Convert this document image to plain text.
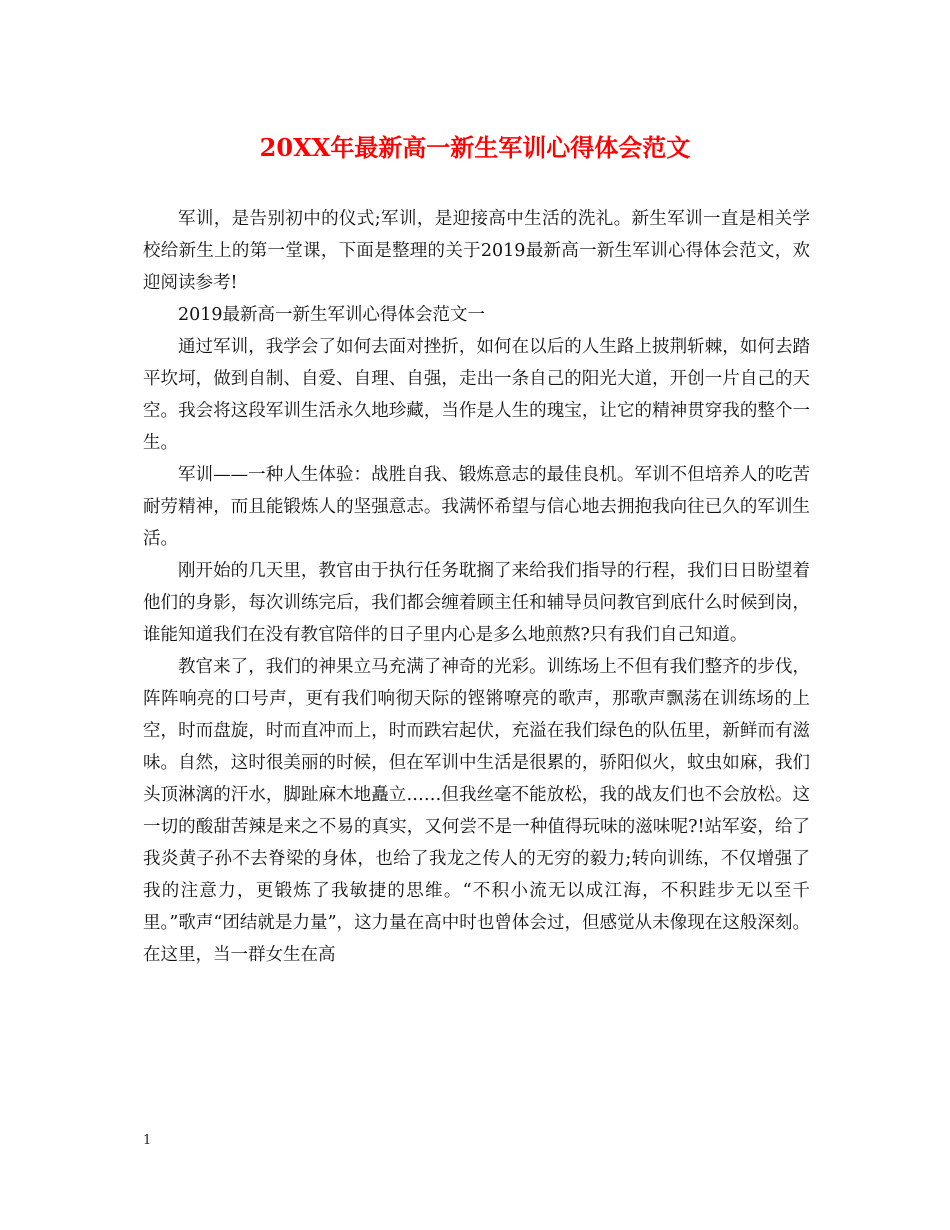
20XX年最新高一新生军训心得体会范文

军训，是告别初中的仪式;军训，是迎接高中生活的洗礼。新生军训一直是相关学校给新生上的第一堂课，下面是整理的关于2019最新高一新生军训心得体会范文，欢迎阅读参考!

2019最新高一新生军训心得体会范文一

通过军训，我学会了如何去面对挫折，如何在以后的人生路上披荆斩棘，如何去踏平坎坷，做到自制、自爱、自理、自强，走出一条自己的阳光大道，开创一片自己的天空。我会将这段军训生活永久地珍藏，当作是人生的瑰宝，让它的精神贯穿我的整个一生。

军训——一种人生体验：战胜自我、锻炼意志的最佳良机。军训不但培养人的吃苦耐劳精神，而且能锻炼人的坚强意志。我满怀希望与信心地去拥抱我向往已久的军训生活。

刚开始的几天里，教官由于执行任务耽搁了来给我们指导的行程，我们日日盼望着他们的身影，每次训练完后，我们都会缠着顾主任和辅导员问教官到底什么时候到岗，谁能知道我们在没有教官陪伴的日子里内心是多么地煎熬?只有我们自己知道。

教官来了，我们的神果立马充满了神奇的光彩。训练场上不但有我们整齐的步伐，阵阵响亮的口号声，更有我们响彻天际的铿锵嘹亮的歌声，那歌声飘荡在训练场的上空，时而盘旋，时而直冲而上，时而跌宕起伏，充溢在我们绿色的队伍里，新鲜而有滋味。自然，这时很美丽的时候，但在军训中生活是很累的，骄阳似火，蚊虫如麻，我们头顶淋漓的汗水，脚趾麻木地矗立……但我丝毫不能放松，我的战友们也不会放松。这一切的酸甜苦辣是来之不易的真实，又何尝不是一种值得玩味的滋味呢?!站军姿，给了我炎黄子孙不去脊梁的身体，也给了我龙之传人的无穷的毅力;转向训练，不仅增强了我的注意力，更锻炼了我敏捷的思维。“不积小流无以成江海，不积跬步无以至千里。”歌声“团结就是力量”，这力量在高中时也曾体会过，但感觉从未像现在这般深刻。在这里，当一群女生在高

1
